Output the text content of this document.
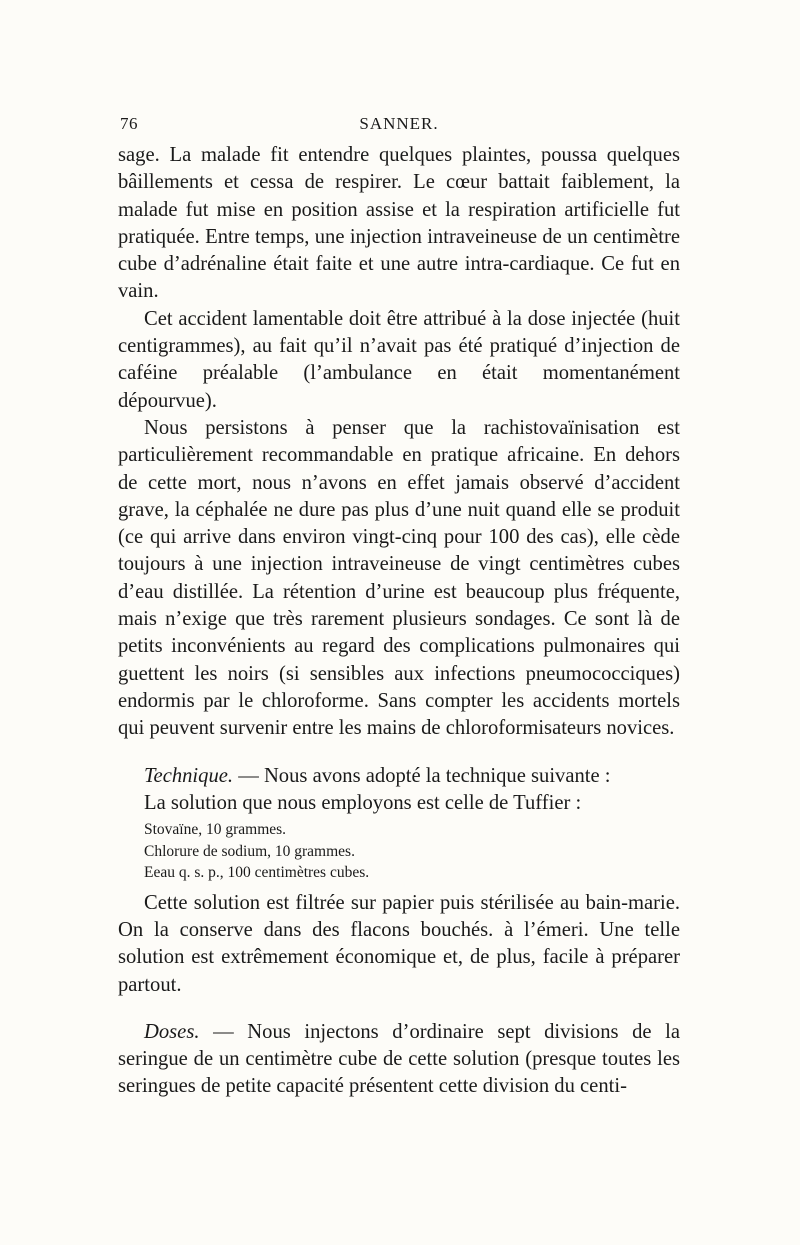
76	SANNER.

sage. La malade fit entendre quelques plaintes, poussa quelques bâillements et cessa de respirer. Le cœur battait faiblement, la malade fut mise en position assise et la respiration artificielle fut pratiquée. Entre temps, une injection intraveineuse de un centimètre cube d’adrénaline était faite et une autre intra-cardiaque. Ce fut en vain.

Cet accident lamentable doit être attribué à la dose injectée (huit centigrammes), au fait qu’il n’avait pas été pratiqué d’injection de caféine préalable (l’ambulance en était momentanément dépourvue).

Nous persistons à penser que la rachistovaïnisation est particulièrement recommandable en pratique africaine. En dehors de cette mort, nous n’avons en effet jamais observé d’accident grave, la céphalée ne dure pas plus d’une nuit quand elle se produit (ce qui arrive dans environ vingt-cinq pour 100 des cas), elle cède toujours à une injection intraveineuse de vingt centimètres cubes d’eau distillée. La rétention d’urine est beaucoup plus fréquente, mais n’exige que très rarement plusieurs sondages. Ce sont là de petits inconvénients au regard des complications pulmonaires qui guettent les noirs (si sensibles aux infections pneumococciques) endormis par le chloroforme. Sans compter les accidents mortels qui peuvent survenir entre les mains de chloroformisateurs novices.

Technique. — Nous avons adopté la technique suivante :

La solution que nous employons est celle de Tuffier :

Stovaïne, 10 grammes.
Chlorure de sodium, 10 grammes.
Eeau q. s. p., 100 centimètres cubes.

Cette solution est filtrée sur papier puis stérilisée au bain-marie. On la conserve dans des flacons bouchés. à l’émeri. Une telle solution est extrêmement économique et, de plus, facile à préparer partout.

Doses. — Nous injectons d’ordinaire sept divisions de la seringue de un centimètre cube de cette solution (presque toutes les seringues de petite capacité présentent cette division du centi-
